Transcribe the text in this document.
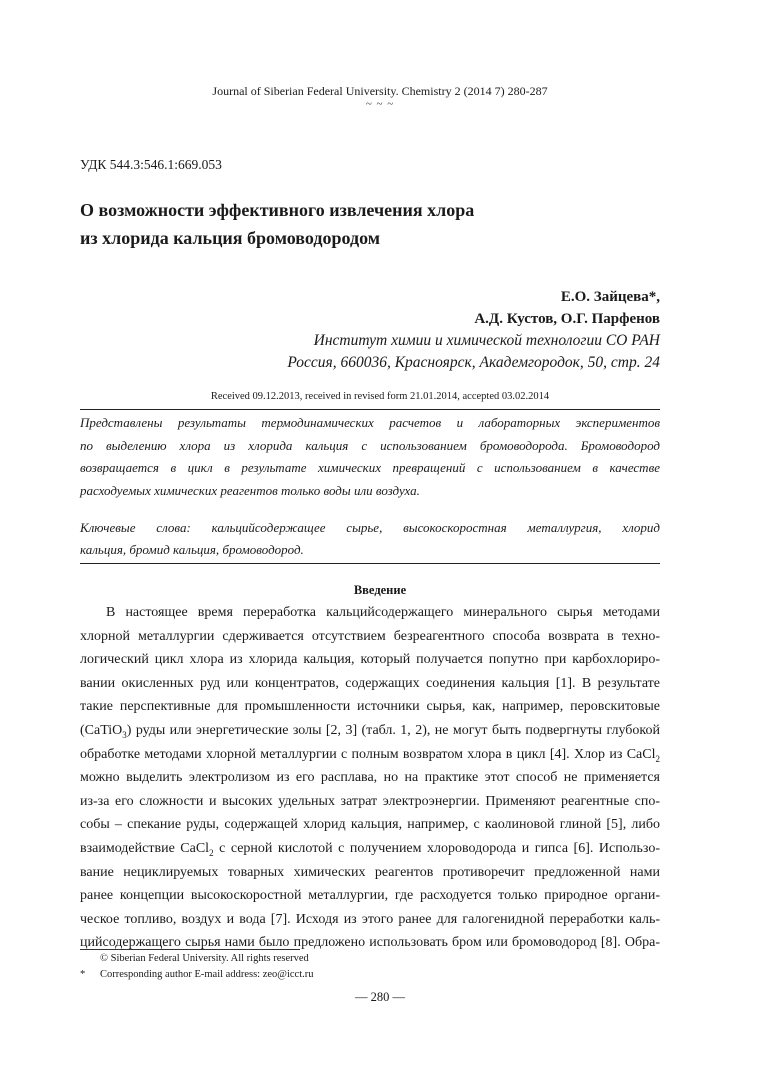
Journal of Siberian Federal University. Chemistry 2 (2014 7) 280-287
~ ~ ~
УДК 544.3:546.1:669.053
О возможности эффективного извлечения хлора
из хлорида кальция бромоводородом
Е.О. Зайцева*,
А.Д. Кустов, О.Г. Парфенов
Институт химии и химической технологии СО РАН
Россия, 660036, Красноярск, Академгородок, 50, стр. 24
Received 09.12.2013, received in revised form 21.01.2014, accepted 03.02.2014
Представлены результаты термодинамических расчетов и лабораторных экспериментов
по выделению хлора из хлорида кальция с использованием бромоводорода. Бромоводород
возвращается в цикл в результате химических превращений с использованием в качестве
расходуемых химических реагентов только воды или воздуха.
Ключевые слова: кальцийсодержащее сырье, высокоскоростная металлургия, хлорид
кальция, бромид кальция, бромоводород.
Введение
В настоящее время переработка кальцийсодержащего минерального сырья методами
хлорной металлургии сдерживается отсутствием безреагентного способа возврата в техно-
логический цикл хлора из хлорида кальция, который получается попутно при карбохлориро-
вании окисленных руд или концентратов, содержащих соединения кальция [1]. В результате
такие перспективные для промышленности источники сырья, как, например, перовскитовые
(CaTiO$_3$) руды или энергетические золы [2, 3] (табл. 1, 2), не могут быть подвергнуты глубокой
обработке методами хлорной металлургии с полным возвратом хлора в цикл [4]. Хлор из CaCl$_2$
можно выделить электролизом из его расплава, но на практике этот способ не применяется
из-за его сложности и высоких удельных затрат электроэнергии. Применяют реагентные спо-
собы – спекание руды, содержащей хлорид кальция, например, с каолиновой глиной [5], либо
взаимодействие CaCl$_2$ с серной кислотой с получением хлороводорода и гипса [6]. Использо-
вание нециклируемых товарных химических реагентов противоречит предложенной нами
ранее концепции высокоскоростной металлургии, где расходуется только природное органи-
ческое топливо, воздух и вода [7]. Исходя из этого ранее для галогенидной переработки каль-
цийсодержащего сырья нами было предложено использовать бром или бромоводород [8]. Обра-
© Siberian Federal University. All rights reserved
*	Corresponding author E-mail address: zeo@icct.ru
— 280 —
